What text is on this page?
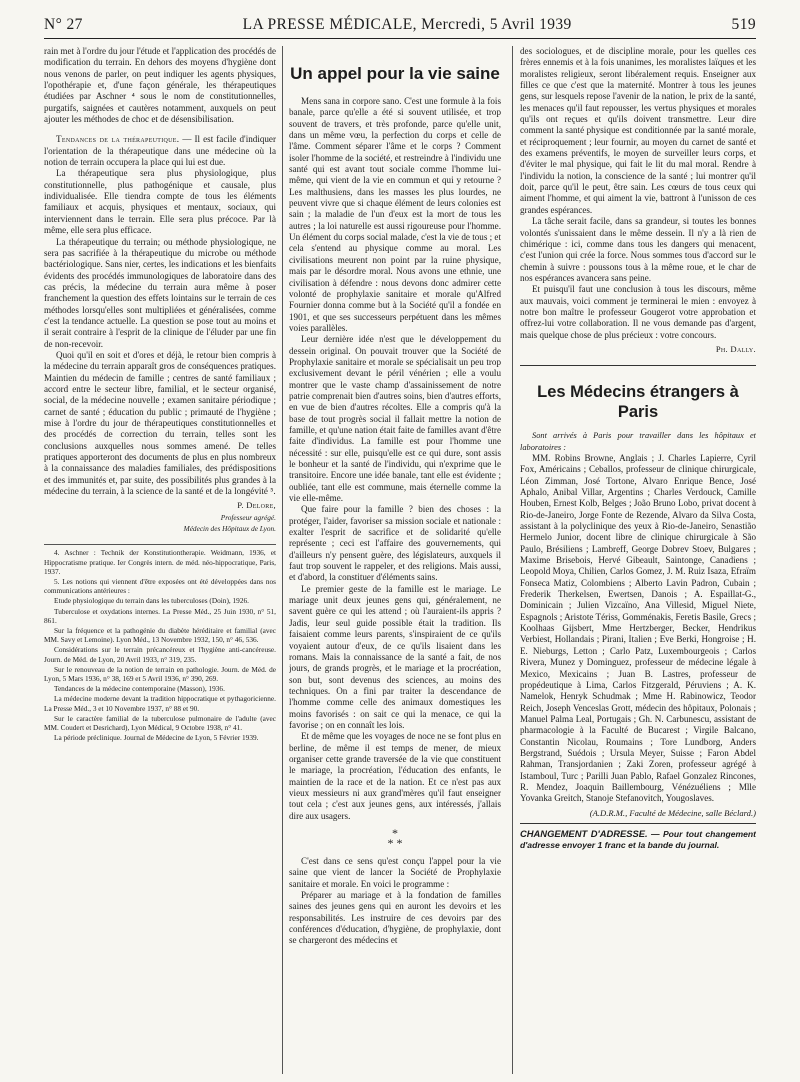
N° 27	LA PRESSE MÉDICALE, Mercredi, 5 Avril 1939	519

rain met à l'ordre du jour l'étude et l'application des procédés de modification du terrain. En dehors des moyens d'hygiène dont nous venons de parler, on peut indiquer les agents physiques, l'opothérapie et, d'une façon générale, les thérapeutiques étudiées par Aschner ⁴ sous le nom de constitutionnelles, purgatifs, saignées et cautères notamment, auxquels on peut ajouter les méthodes de choc et de désensibilisation.

Tendances de la thérapeutique. — Il est facile d'indiquer l'orientation de la thérapeutique dans une médecine où la notion de terrain occupera la place qui lui est due.

La thérapeutique sera plus physiologique, plus constitutionnelle, plus pathogénique et causale, plus individualisée. Elle tiendra compte de tous les éléments familiaux et acquis, physiques et mentaux, sociaux, qui interviennent dans le terrain. Elle sera plus précoce. Par là même, elle sera plus efficace.

La thérapeutique du terrain; ou méthode physiologique, ne sera pas sacrifiée à la thérapeutique du microbe ou méthode bactériologique. Sans nier, certes, les indications et les bienfaits évidents des procédés immunologiques de laboratoire dans des cas précis, la médecine du terrain aura même à poser franchement la question des effets lointains sur le terrain de ces méthodes lorsqu'elles sont multipliées et généralisées, comme c'est la tendance actuelle. La question se pose tout au moins et il serait contraire à l'esprit de la clinique de l'éluder par une fin de non-recevoir.

Quoi qu'il en soit et d'ores et déjà, le retour bien compris à la médecine du terrain apparaît gros de conséquences pratiques. Maintien du médecin de famille ; centres de santé familiaux ; accord entre le secteur libre, familial, et le secteur organisé, social, de la médecine nouvelle ; examen sanitaire périodique ; carnet de santé ; éducation du public ; primauté de l'hygiène ; mise à l'ordre du jour de thérapeutiques constitutionnelles et des procédés de correction du terrain, telles sont les conclusions auxquelles nous sommes amené. De telles pratiques apporteront des documents de plus en plus nombreux à la connaissance des maladies familiales, des prédispositions et des immunités et, par suite, des possibilités plus grandes à la médecine du terrain, à la science de la santé et de la longévité ⁵.

P. Delore,
Professeur agrégé.
Médecin des Hôpitaux de Lyon.
4. Aschner : Technik der Konstitutiontherapie. Weidmann, 1936, et Hippocratisme pratique. Ier Congrès intern. de méd. néo-hippocratique, Paris, 1937.
5. Les notions qui viennent d'être exposées ont été développées dans nos communications antérieures :
Etude physiologique du terrain dans les tuberculoses (Doin), 1926.
Tuberculose et oxydations internes. La Presse Méd., 25 Juin 1930, n° 51, 861.
Sur la fréquence et la pathogénie du diabète héréditaire et familial (avec MM. Savy et Lemoine). Lyon Méd., 13 Novembre 1932, 150, n° 46, 536.
Considérations sur le terrain précancéreux et l'hygiène anti-cancéreuse. Journ. de Méd. de Lyon, 20 Avril 1933, n° 319, 235.
Sur le renouveau de la notion de terrain en pathologie. Journ. de Méd. de Lyon, 5 Mars 1936, n° 38, 169 et 5 Avril 1936, n° 390, 269.
Tendances de la médecine contemporaine (Masson), 1936.
La médecine moderne devant la tradition hippocratique et pythagoricienne. La Presse Méd., 3 et 10 Novembre 1937, n° 88 et 90.
Sur le caractère familial de la tuberculose pulmonaire de l'adulte (avec MM. Coudert et Desrichard), Lyon Médical, 9 Octobre 1938, n° 41.
La période préclinique. Journal de Médecine de Lyon, 5 Février 1939.
Un appel pour la vie saine

Mens sana in corpore sano. C'est une formule à la fois banale, parce qu'elle a été si souvent utilisée, et trop souvent de travers, et très profonde, parce qu'elle unit, dans un même vœu, la perfection du corps et celle de l'âme. Comment séparer l'âme et le corps ? Comment isoler l'homme de la société, et restreindre à l'individu une santé qui est avant tout sociale comme l'homme lui-même, qui vient de la vie en commun et qui y retourne ? Les malthusiens, dans les masses les plus lourdes, ne peuvent vivre que si chaque élément de leurs colonies est sain ; la maladie de l'un d'eux est la mort de tous les autres ; la loi naturelle est aussi rigoureuse pour l'homme. Un élément du corps social malade, c'est la vie de tous ; et cela s'entend au physique comme au moral. Les civilisations meurent non point par la ruine physique, mais par le désordre moral. Nous avons une ethnie, une civilisation à défendre : nous devons donc admirer cette volonté de prophylaxie sanitaire et morale qu'Alfred Fournier donna comme but à la Société qu'il a fondée en 1901, et que ses successeurs perpétuent dans les mêmes voies parallèles.

Leur dernière idée n'est que le développement du dessein original. On pouvait trouver que la Société de Prophylaxie sanitaire et morale se spécialisait un peu trop exclusivement devant le péril vénérien ; elle a voulu montrer que le vaste champ d'assainissement de notre patrie comprenait bien d'autres soins, bien d'autres efforts, en vue de bien d'autres récoltes. Elle a compris qu'à la base de tout progrès social il fallait mettre la notion de famille, et qu'une nation était faite de familles avant d'être faite d'individus. La famille est pour l'homme une nécessité : sur elle, puisqu'elle est ce qui dure, sont assis le bonheur et la santé de l'individu, qui n'exprime que le transitoire. Encore une idée banale, tant elle est évidente ; oubliée, tant elle est commune, mais éternelle comme la vie elle-même.

Que faire pour la famille ? bien des choses : la protéger, l'aider, favoriser sa mission sociale et nationale : exalter l'esprit de sacrifice et de solidarité qu'elle représente ; ceci est l'affaire des gouvernements, qui d'ailleurs n'y pensent guère, des législateurs, auxquels il faut trop souvent le rappeler, et des religions. Mais aussi, et d'abord, la constituer d'éléments sains.

Le premier geste de la famille est le mariage. Le mariage unit deux jeunes gens qui, généralement, ne savent guère ce qui les attend ; où l'auraient-ils appris ? Jadis, leur seul guide possible était la tradition. Ils faisaient comme leurs parents, s'inspiraient de ce qu'ils voyaient autour d'eux, de ce qu'ils lisaient dans les romans. Mais la connaissance de la santé a fait, de nos jours, de grands progrès, et le mariage et la procréation, son but, sont devenus des sciences, au moins des techniques. On a fini par traiter la descendance de l'homme comme celle des animaux domestiques les moins favorisés : on sait ce qui la menace, ce qui la favorise ; on en connaît les lois.

Et de même que les voyages de noce ne se font plus en berline, de même il est temps de mener, de mieux organiser cette grande traversée de la vie que constituent le mariage, la procréation, l'éducation des enfants, le maintien de la race et de la nation. Et ce n'est pas aux vieux messieurs ni aux grand'mères qu'il faut enseigner tout cela ; c'est aux jeunes gens, aux intéressés, j'allais dire aux usagers.

*
* *

C'est dans ce sens qu'est conçu l'appel pour la vie saine que vient de lancer la Société de Prophylaxie sanitaire et morale. En voici le programme :

Préparer au mariage et à la fondation de familles saines des jeunes gens qui en auront les devoirs et les responsabilités. Les instruire de ces devoirs par des conférences d'éducation, d'hygiène, de prophylaxie, dont se chargeront des médecins et

des sociologues, et de discipline morale, pour les quelles ces frères ennemis et à la fois unanimes, les moralistes laïques et les moralistes religieux, seront libéralement requis. Enseigner aux filles ce que c'est que la maternité. Montrer à tous les jeunes gens, sur lesquels repose l'avenir de la nation, le prix de la santé, les menaces qu'il faut repousser, les vertus physiques et morales qu'ils ont reçues et qu'ils doivent transmettre. Leur dire comment la santé physique est conditionnée par la santé morale, et réciproquement ; leur fournir, au moyen du carnet de santé et des examens préventifs, le moyen de surveiller leurs corps, et d'éviter le mal physique, qui fait le lit du mal moral. Rendre à l'individu la notion, la conscience de la santé ; lui montrer qu'il doit, parce qu'il le peut, être sain. Les cœurs de tous ceux qui aiment l'homme, et qui aiment la vie, battront à l'unisson de ces grandes espérances.

La tâche serait facile, dans sa grandeur, si toutes les bonnes volontés s'unissaient dans le même dessein. Il n'y a là rien de chimérique : ici, comme dans tous les dangers qui menacent, c'est l'union qui crée la force. Nous sommes tous d'accord sur le chemin à suivre : poussons tous à la même roue, et le char de nos espérances avancera sans peine.

Et puisqu'il faut une conclusion à tous les discours, même aux mauvais, voici comment je terminerai le mien : envoyez à notre bon maître le professeur Gougerot votre approbation et offrez-lui votre collaboration. Il ne vous demande pas d'argent, mais quelque chose de plus précieux : votre concours.

Ph. Dally.
Les Médecins étrangers à Paris

Sont arrivés à Paris pour travailler dans les hôpitaux et laboratoires :

MM. Robins Browne, Anglais ; J. Charles Lapierre, Cyril Fox, Américains ; Ceballos, professeur de clinique chirurgicale, Léon Zimman, José Tortone, Alvaro Enrique Bence, José Aphalo, Anibal Villar, Argentins ; Charles Verdouck, Camille Houben, Ernest Kolb, Belges ; João Bruno Lobo, privat docent à Rio-de-Janeiro, Jorge Fonte de Rezende, Alvaro da Silva Costa, assistant à la polyclinique des yeux à Rio-de-Janeiro, Senastião Hermelo Junior, docent libre de clinique chirurgicale à São Paulo, Brésiliens ; Lambreff, George Dobrev Stoev, Bulgares ; Maxime Brisebois, Hervé Gibeault, Saintonge, Canadiens ; Leopold Moya, Chilien, Carlos Gomez, J. M. Ruiz Isaza, Efraïm Fonseca Matiz, Colombiens ; Alberto Lavin Padron, Cubain ; Frederik Therkelsen, Ewertsen, Danois ; A. Espaillat-G., Dominicain ; Julien Vizcaïno, Ana Villesid, Miguel Niete, Espagnols ; Aristote Tériss, Gomménakis, Feretis Basile, Grecs ; Koolhaas Gijsbert, Mme Hertzberger, Becker, Hendrikus Verbiest, Hollandais ; Pirani, Italien ; Eve Berki, Hongroise ; H. E. Nieburgs, Letton ; Carlo Patz, Luxembourgeois ; Carlos Rivera, Munez y Dominguez, professeur de médecine légale à Mexico, Mexicains ; Juan B. Lastres, professeur de propédeutique à Lima, Carlos Fitzgerald, Péruviens ; A. K. Namelok, Henryk Schudmak ; Mme H. Rabinowicz, Teodor Reich, Joseph Venceslas Grott, médecin des hôpitaux, Polonais ; Manuel Palma Leal, Portugais ; Gh. N. Carbunescu, assistant de pharmacologie à la Faculté de Bucarest ; Virgile Balcano, Constantin Nicolau, Roumains ; Tore Lundborg, Anders Bergstrand, Suédois ; Ursula Meyer, Suisse ; Faron Abdel Rahman, Transjordanien ; Zaki Zoren, professeur agrégé à Istamboul, Turc ; Parilli Juan Pablo, Rafael Gonzalez Rincones, R. Mendez, Joaquin Baillembourg, Vénézuéliens ; Mlle Yovanka Greitch, Stanoje Stefanovitch, Yougoslaves.

(A.D.R.M., Faculté de Médecine, salle Béclard.)
CHANGEMENT D'ADRESSE. — Pour tout changement d'adresse envoyer 1 franc et la bande du journal.
